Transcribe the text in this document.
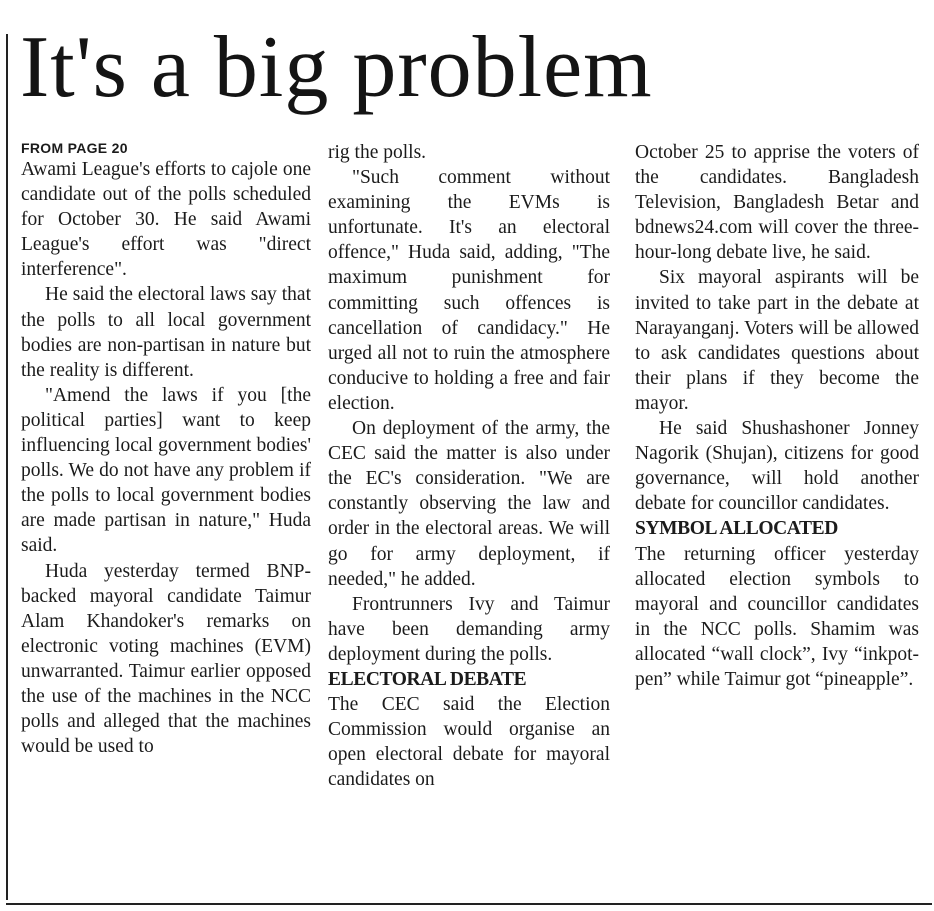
It's a big problem
FROM PAGE 20

Awami League's efforts to cajole one candidate out of the polls scheduled for October 30. He said Awami League's effort was "direct interference".

He said the electoral laws say that the polls to all local government bodies are non-partisan in nature but the reality is different.

"Amend the laws if you [the political parties] want to keep influencing local government bodies' polls. We do not have any problem if the polls to local government bodies are made partisan in nature," Huda said.

Huda yesterday termed BNP-backed mayoral candidate Taimur Alam Khandoker's remarks on electronic voting machines (EVM) unwarranted. Taimur earlier opposed the use of the machines in the NCC polls and alleged that the machines would be used to

rig the polls.

"Such comment without examining the EVMs is unfortunate. It's an electoral offence," Huda said, adding, "The maximum punishment for committing such offences is cancellation of candidacy." He urged all not to ruin the atmosphere conducive to holding a free and fair election.

On deployment of the army, the CEC said the matter is also under the EC's consideration. "We are constantly observing the law and order in the electoral areas. We will go for army deployment, if needed," he added.

Frontrunners Ivy and Taimur have been demanding army deployment during the polls.

ELECTORAL DEBATE

The CEC said the Election Commission would organise an open electoral debate for mayoral candidates on

October 25 to apprise the voters of the candidates. Bangladesh Television, Bangladesh Betar and bdnews24.com will cover the three-hour-long debate live, he said.

Six mayoral aspirants will be invited to take part in the debate at Narayanganj. Voters will be allowed to ask candidates questions about their plans if they become the mayor.

He said Shushashoner Jonney Nagorik (Shujan), citizens for good governance, will hold another debate for councillor candidates.

SYMBOL ALLOCATED

The returning officer yesterday allocated election symbols to mayoral and councillor candidates in the NCC polls. Shamim was allocated “wall clock”, Ivy “inkpot-pen” while Taimur got “pineapple”.
